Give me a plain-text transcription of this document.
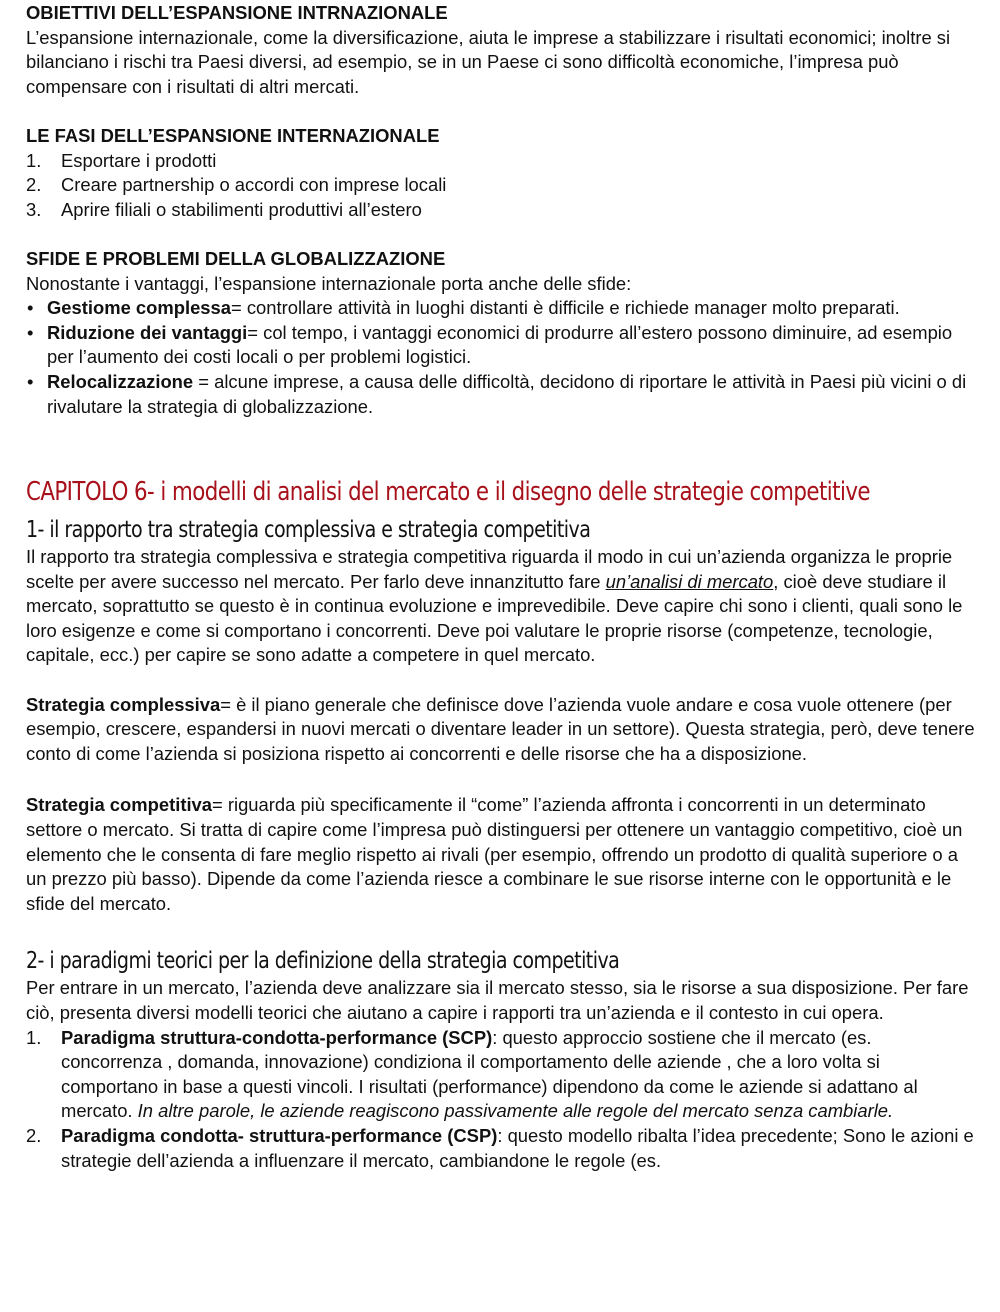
OBIETTIVI DELL’ESPANSIONE INTRNAZIONALE

L’espansione internazionale, come la diversificazione, aiuta le imprese a stabilizzare i risultati economici; inoltre si bilanciano i rischi tra Paesi diversi, ad esempio, se in un Paese ci sono difficoltà economiche, l’impresa può compensare con i risultati di altri mercati.

LE FASI DELL’ESPANSIONE INTERNAZIONALE

1. Esportare i prodotti
2. Creare partnership o accordi con imprese locali
3. Aprire filiali o stabilimenti produttivi all’estero

SFIDE E PROBLEMI DELLA GLOBALIZZAZIONE

Nonostante i vantaggi, l’espansione internazionale porta anche delle sfide:

• Gestiome complessa= controllare attività in luoghi distanti è difficile e richiede manager molto preparati.
• Riduzione dei vantaggi= col tempo, i vantaggi economici di produrre all’estero possono diminuire, ad esempio per l’aumento dei costi locali o per problemi logistici.
• Relocalizzazione = alcune imprese, a causa delle difficoltà, decidono di riportare le attività in Paesi più vicini o di rivalutare la strategia di globalizzazione.

CAPITOLO 6- i modelli di analisi del mercato e il disegno delle strategie competitive

1- il rapporto tra strategia complessiva e strategia competitiva

Il rapporto tra strategia complessiva e strategia competitiva riguarda il modo in cui un’azienda organizza le proprie scelte per avere successo nel mercato. Per farlo deve innanzitutto fare un’analisi di mercato, cioè deve studiare il mercato, soprattutto se questo è in continua evoluzione e imprevedibile. Deve capire chi sono i clienti, quali sono le loro esigenze e come si comportano i concorrenti. Deve poi valutare le proprie risorse (competenze, tecnologie, capitale, ecc.) per capire se sono adatte a competere in quel mercato.

Strategia complessiva= è il piano generale che definisce dove l’azienda vuole andare e cosa vuole ottenere (per esempio, crescere, espandersi in nuovi mercati o diventare leader in un settore). Questa strategia, però, deve tenere conto di come l’azienda si posiziona rispetto ai concorrenti e delle risorse che ha a disposizione.

Strategia competitiva= riguarda più specificamente il “come” l’azienda affronta i concorrenti in un determinato settore o mercato. Si tratta di capire come l’impresa può distinguersi per ottenere un vantaggio competitivo, cioè un elemento che le consenta di fare meglio rispetto ai rivali (per esempio, offrendo un prodotto di qualità superiore o a un prezzo più basso). Dipende da come l’azienda riesce a combinare le sue risorse interne con le opportunità e le sfide del mercato.

2- i paradigmi teorici per la definizione della strategia competitiva

Per entrare in un mercato, l’azienda deve analizzare sia il mercato stesso, sia le risorse a sua disposizione. Per fare ciò, presenta diversi modelli teorici che aiutano a capire i rapporti tra un’azienda e il contesto in cui opera.

1. Paradigma struttura-condotta-performance (SCP): questo approccio sostiene che il mercato (es. concorrenza , domanda, innovazione) condiziona il comportamento delle aziende , che a loro volta si comportano in base a questi vincoli. I risultati (performance) dipendono da come le aziende si adattano al mercato. In altre parole, le aziende reagiscono passivamente alle regole del mercato senza cambiarle.
2. Paradigma condotta- struttura-performance (CSP): questo modello ribalta l’idea precedente; Sono le azioni e strategie dell’azienda a influenzare il mercato, cambiandone le regole (es.
